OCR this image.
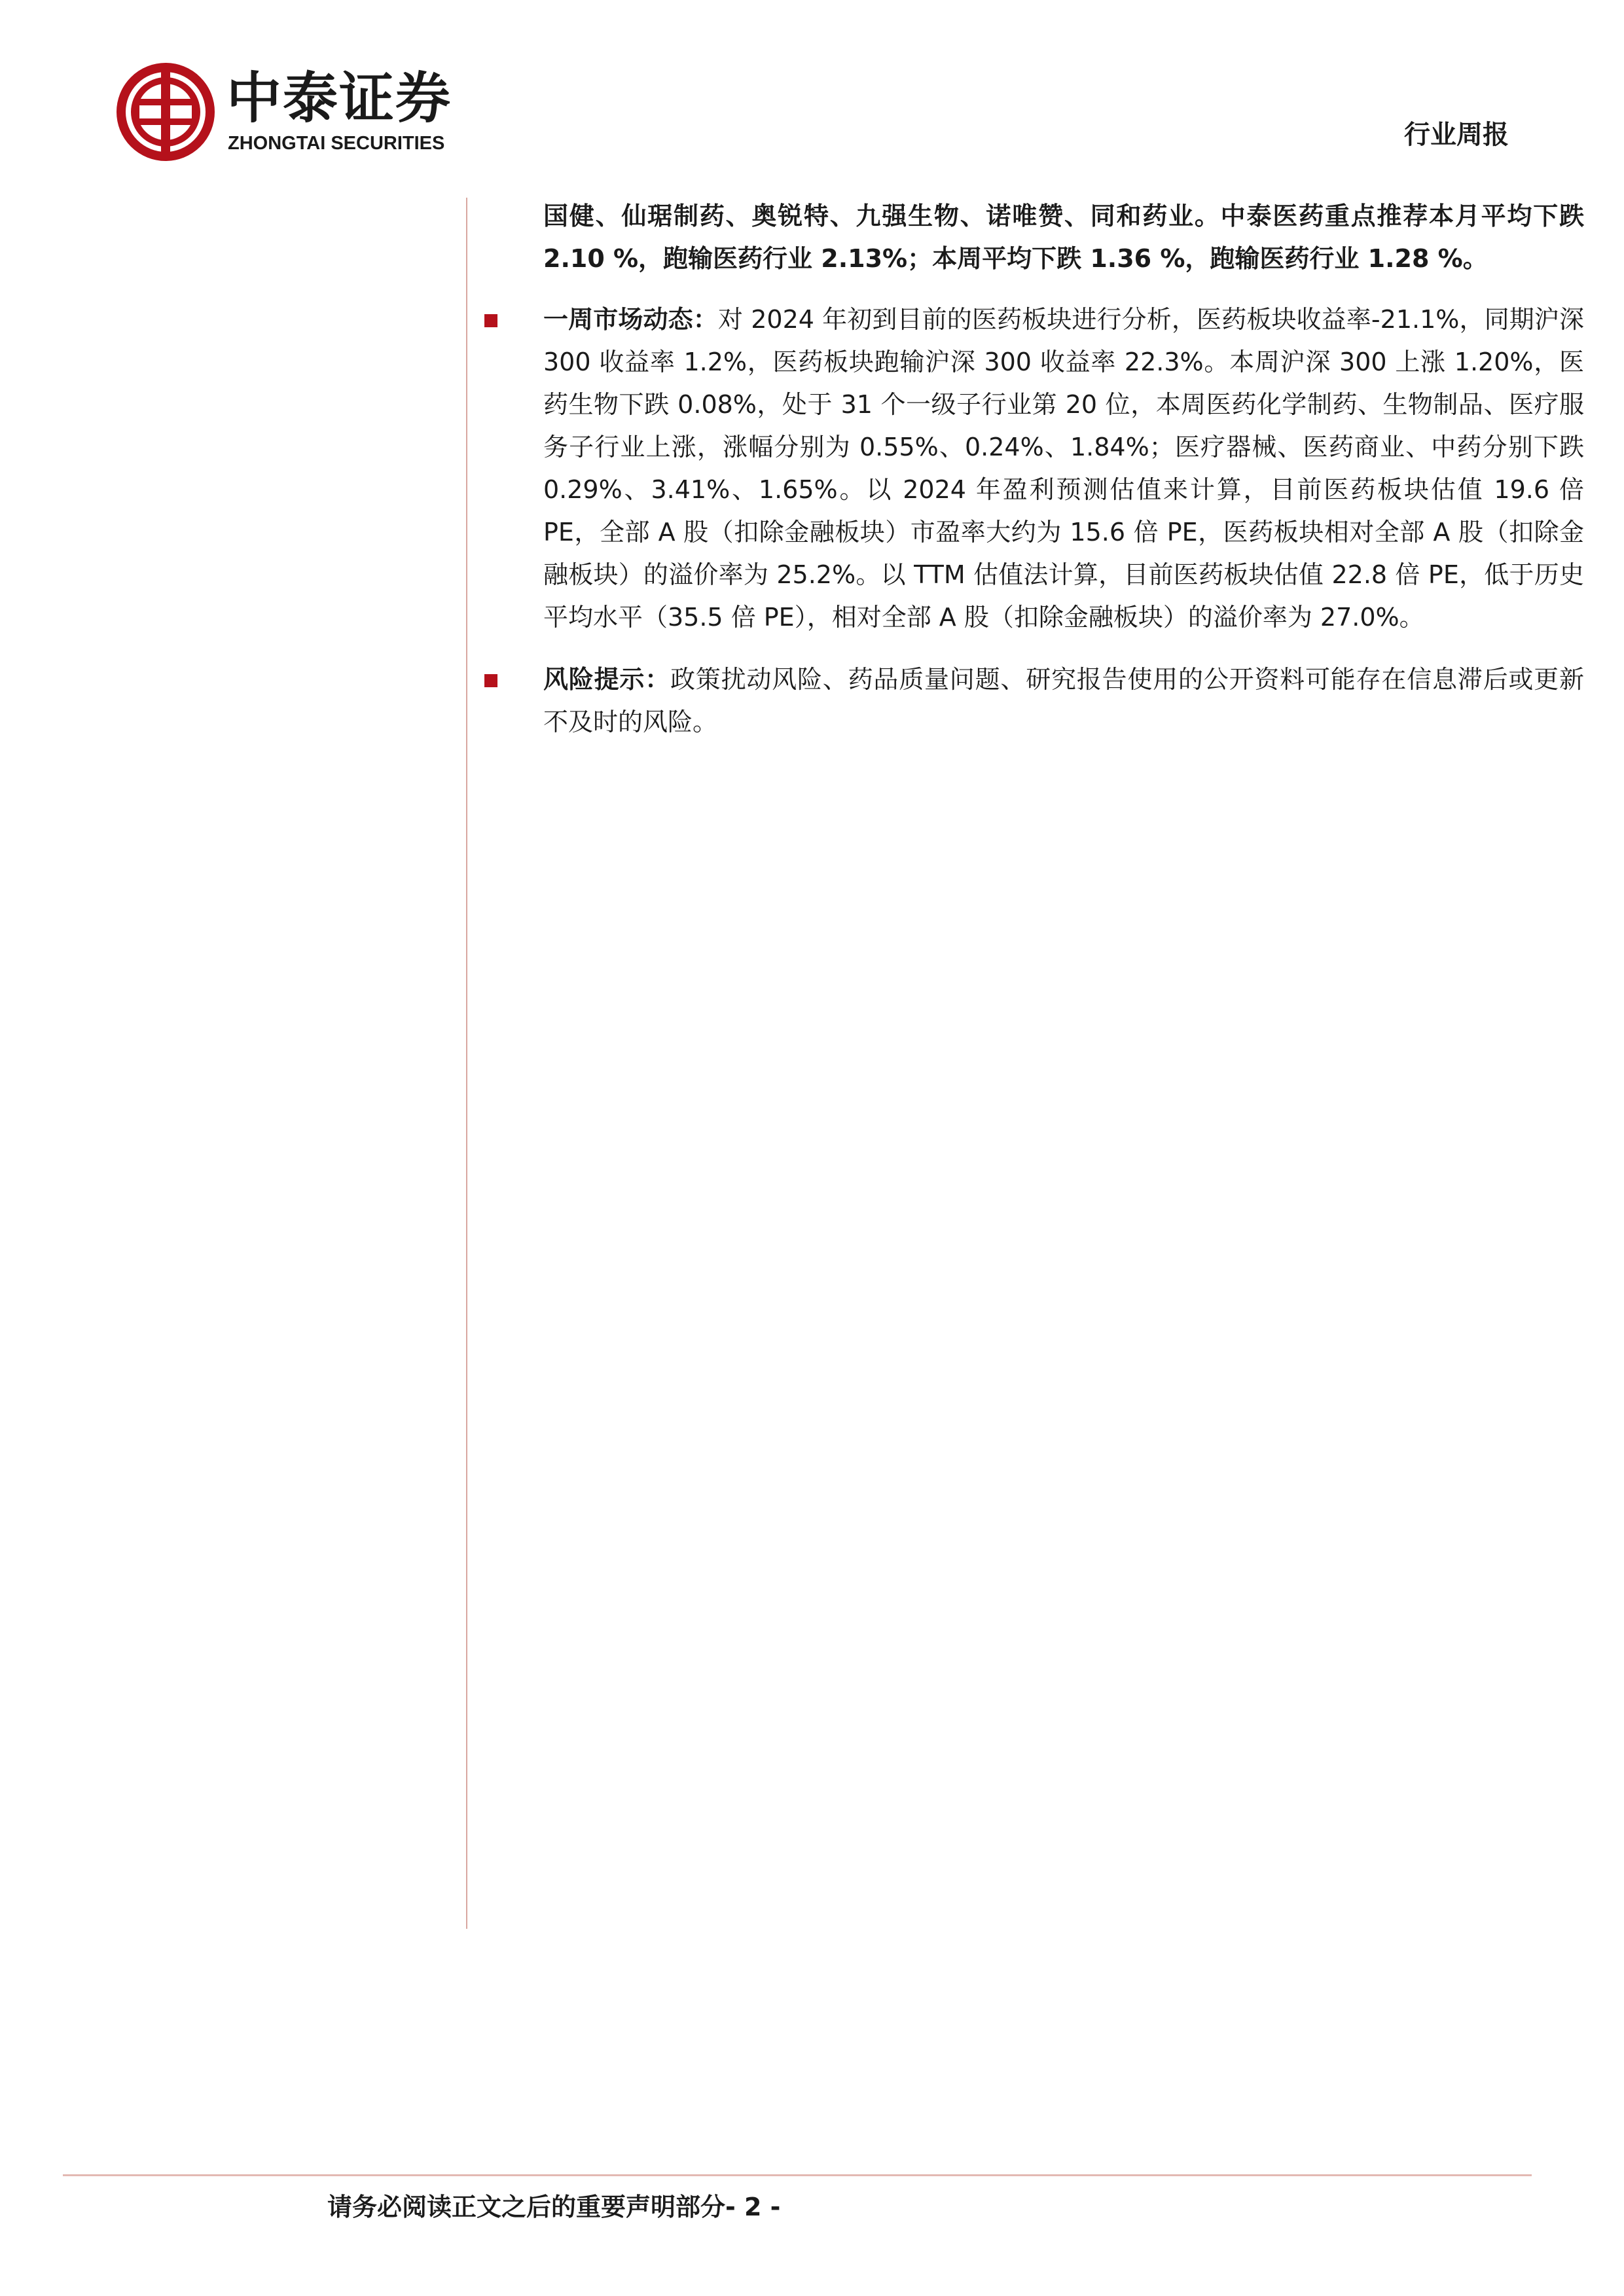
中泰证券
ZHONGTAI SECURITIES	行业周报
国健、仙琚制药、奥锐特、九强生物、诺唯赞、同和药业。中泰医药重点推荐本月平均下跌 2.10 %，跑输医药行业 2.13%；本周平均下跌 1.36 %，跑输医药行业 1.28 %。
一周市场动态：对 2024 年初到目前的医药板块进行分析，医药板块收益率-21.1%，同期沪深 300 收益率 1.2%，医药板块跑输沪深 300 收益率 22.3%。本周沪深 300 上涨 1.20%，医药生物下跌 0.08%，处于 31 个一级子行业第 20 位，本周医药化学制药、生物制品、医疗服务子行业上涨，涨幅分别为 0.55%、0.24%、1.84%；医疗器械、医药商业、中药分别下跌 0.29%、3.41%、1.65%。以 2024 年盈利预测估值来计算，目前医药板块估值 19.6 倍 PE，全部 A 股（扣除金融板块）市盈率大约为 15.6 倍 PE，医药板块相对全部 A 股（扣除金融板块）的溢价率为 25.2%。以 TTM 估值法计算，目前医药板块估值 22.8 倍 PE，低于历史平均水平（35.5 倍 PE），相对全部 A 股（扣除金融板块）的溢价率为 27.0%。
风险提示：政策扰动风险、药品质量问题、研究报告使用的公开资料可能存在信息滞后或更新不及时的风险。
请务必阅读正文之后的重要声明部分- 2 -
